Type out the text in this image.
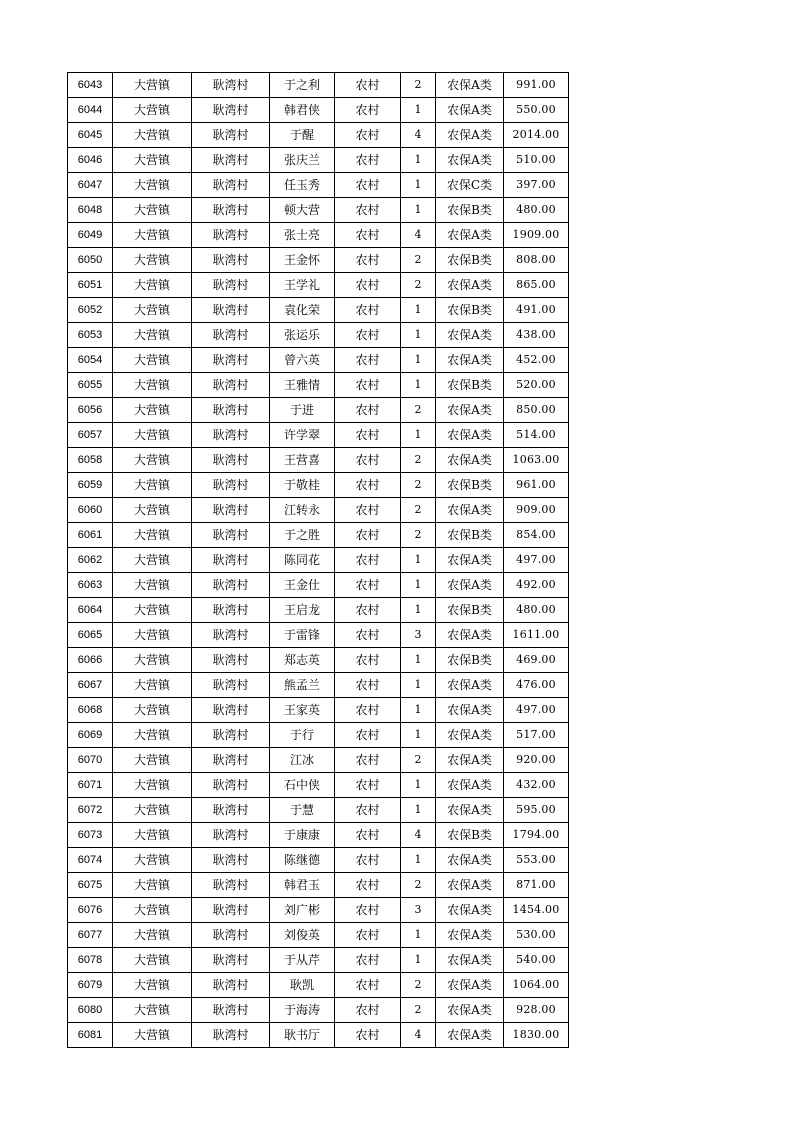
6043	大营镇	耿湾村	于之利	农村	2	农保A类	991.00
6044	大营镇	耿湾村	韩君侠	农村	1	农保A类	550.00
6045	大营镇	耿湾村	于醒	农村	4	农保A类	2014.00
6046	大营镇	耿湾村	张庆兰	农村	1	农保A类	510.00
6047	大营镇	耿湾村	任玉秀	农村	1	农保C类	397.00
6048	大营镇	耿湾村	顿大营	农村	1	农保B类	480.00
6049	大营镇	耿湾村	张士亮	农村	4	农保A类	1909.00
6050	大营镇	耿湾村	王金怀	农村	2	农保B类	808.00
6051	大营镇	耿湾村	王学礼	农村	2	农保A类	865.00
6052	大营镇	耿湾村	袁化荣	农村	1	农保B类	491.00
6053	大营镇	耿湾村	张运乐	农村	1	农保A类	438.00
6054	大营镇	耿湾村	曾六英	农村	1	农保A类	452.00
6055	大营镇	耿湾村	王雅情	农村	1	农保B类	520.00
6056	大营镇	耿湾村	于进	农村	2	农保A类	850.00
6057	大营镇	耿湾村	许学翠	农村	1	农保A类	514.00
6058	大营镇	耿湾村	王营喜	农村	2	农保A类	1063.00
6059	大营镇	耿湾村	于敬桂	农村	2	农保B类	961.00
6060	大营镇	耿湾村	江转永	农村	2	农保A类	909.00
6061	大营镇	耿湾村	于之胜	农村	2	农保B类	854.00
6062	大营镇	耿湾村	陈同花	农村	1	农保A类	497.00
6063	大营镇	耿湾村	王金仕	农村	1	农保A类	492.00
6064	大营镇	耿湾村	王启龙	农村	1	农保B类	480.00
6065	大营镇	耿湾村	于雷锋	农村	3	农保A类	1611.00
6066	大营镇	耿湾村	郑志英	农村	1	农保B类	469.00
6067	大营镇	耿湾村	熊孟兰	农村	1	农保A类	476.00
6068	大营镇	耿湾村	王家英	农村	1	农保A类	497.00
6069	大营镇	耿湾村	于行	农村	1	农保A类	517.00
6070	大营镇	耿湾村	江冰	农村	2	农保A类	920.00
6071	大营镇	耿湾村	石中侠	农村	1	农保A类	432.00
6072	大营镇	耿湾村	于慧	农村	1	农保A类	595.00
6073	大营镇	耿湾村	于康康	农村	4	农保B类	1794.00
6074	大营镇	耿湾村	陈继德	农村	1	农保A类	553.00
6075	大营镇	耿湾村	韩君玉	农村	2	农保A类	871.00
6076	大营镇	耿湾村	刘广彬	农村	3	农保A类	1454.00
6077	大营镇	耿湾村	刘俊英	农村	1	农保A类	530.00
6078	大营镇	耿湾村	于从芹	农村	1	农保A类	540.00
6079	大营镇	耿湾村	耿凯	农村	2	农保A类	1064.00
6080	大营镇	耿湾村	于海涛	农村	2	农保A类	928.00
6081	大营镇	耿湾村	耿书厅	农村	4	农保A类	1830.00
